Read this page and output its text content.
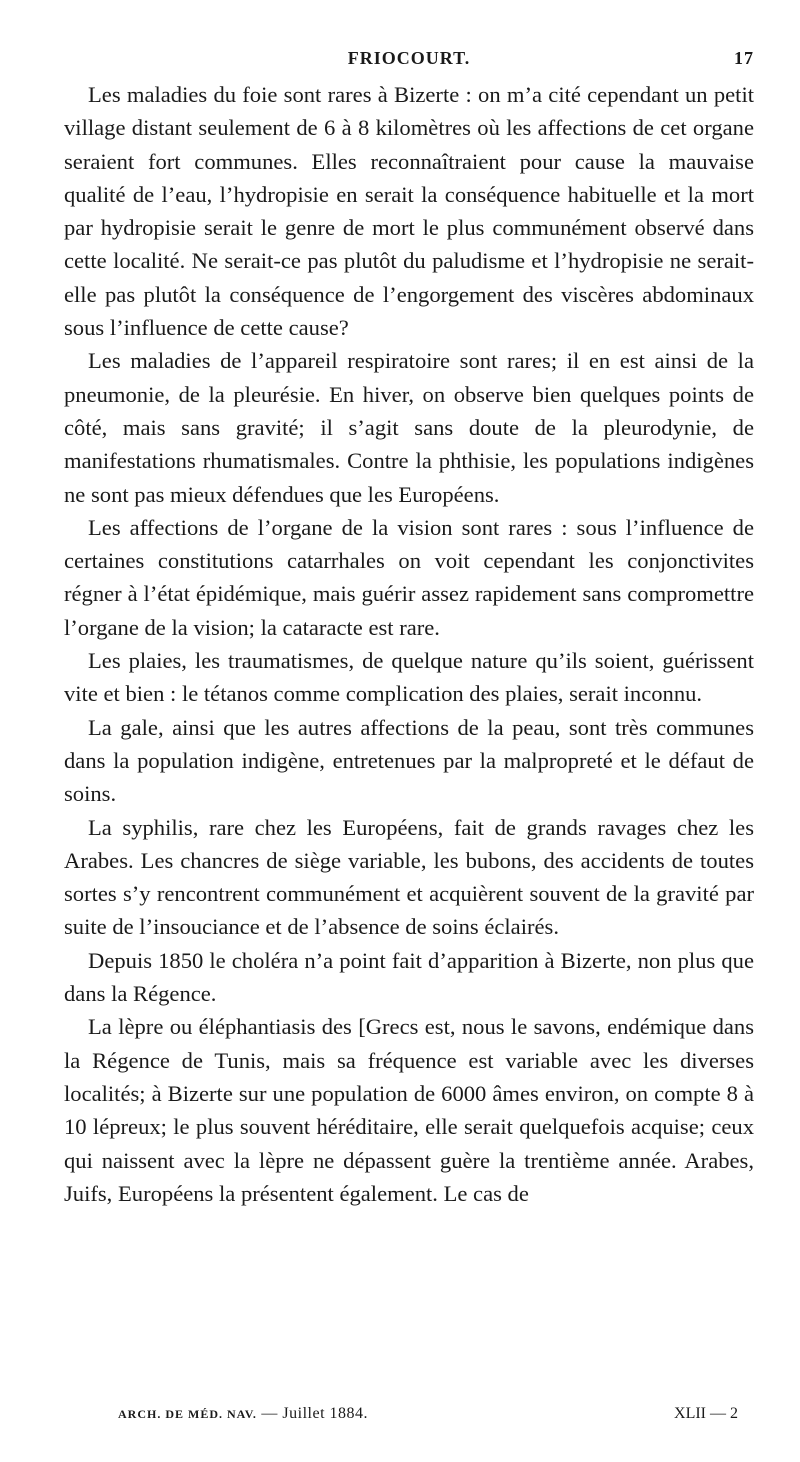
FRIOCOURT.	17

Les maladies du foie sont rares à Bizerte : on m’a cité cependant un petit village distant seulement de 6 à 8 kilomètres où les affections de cet organe seraient fort communes. Elles reconnaîtraient pour cause la mauvaise qualité de l’eau, l’hydropisie en serait la conséquence habituelle et la mort par hydropisie serait le genre de mort le plus communément observé dans cette localité. Ne serait-ce pas plutôt du paludisme et l’hydropisie ne serait-elle pas plutôt la conséquence de l’engorgement des viscères abdominaux sous l’influence de cette cause?

Les maladies de l’appareil respiratoire sont rares; il en est ainsi de la pneumonie, de la pleurésie. En hiver, on observe bien quelques points de côté, mais sans gravité; il s’agit sans doute de la pleurodynie, de manifestations rhumatismales. Contre la phthisie, les populations indigènes ne sont pas mieux défendues que les Européens.

Les affections de l’organe de la vision sont rares : sous l’influence de certaines constitutions catarrhales on voit cependant les conjonctivites régner à l’état épidémique, mais guérir assez rapidement sans compromettre l’organe de la vision; la cataracte est rare.

Les plaies, les traumatismes, de quelque nature qu’ils soient, guérissent vite et bien : le tétanos comme complication des plaies, serait inconnu.

La gale, ainsi que les autres affections de la peau, sont très communes dans la population indigène, entretenues par la malpropreté et le défaut de soins.

La syphilis, rare chez les Européens, fait de grands ravages chez les Arabes. Les chancres de siège variable, les bubons, des accidents de toutes sortes s’y rencontrent communément et acquièrent souvent de la gravité par suite de l’insouciance et de l’absence de soins éclairés.

Depuis 1850 le choléra n’a point fait d’apparition à Bizerte, non plus que dans la Régence.

La lèpre ou éléphantiasis des [Grecs est, nous le savons, endémique dans la Régence de Tunis, mais sa fréquence est variable avec les diverses localités; à Bizerte sur une population de 6000 âmes environ, on compte 8 à 10 lépreux; le plus souvent héréditaire, elle serait quelquefois acquise; ceux qui naissent avec la lèpre ne dépassent guère la trentième année. Arabes, Juifs, Européens la présentent également. Le cas de

ARCH. DE MÉD. NAV. — Juillet 1884.	XLII — 2
